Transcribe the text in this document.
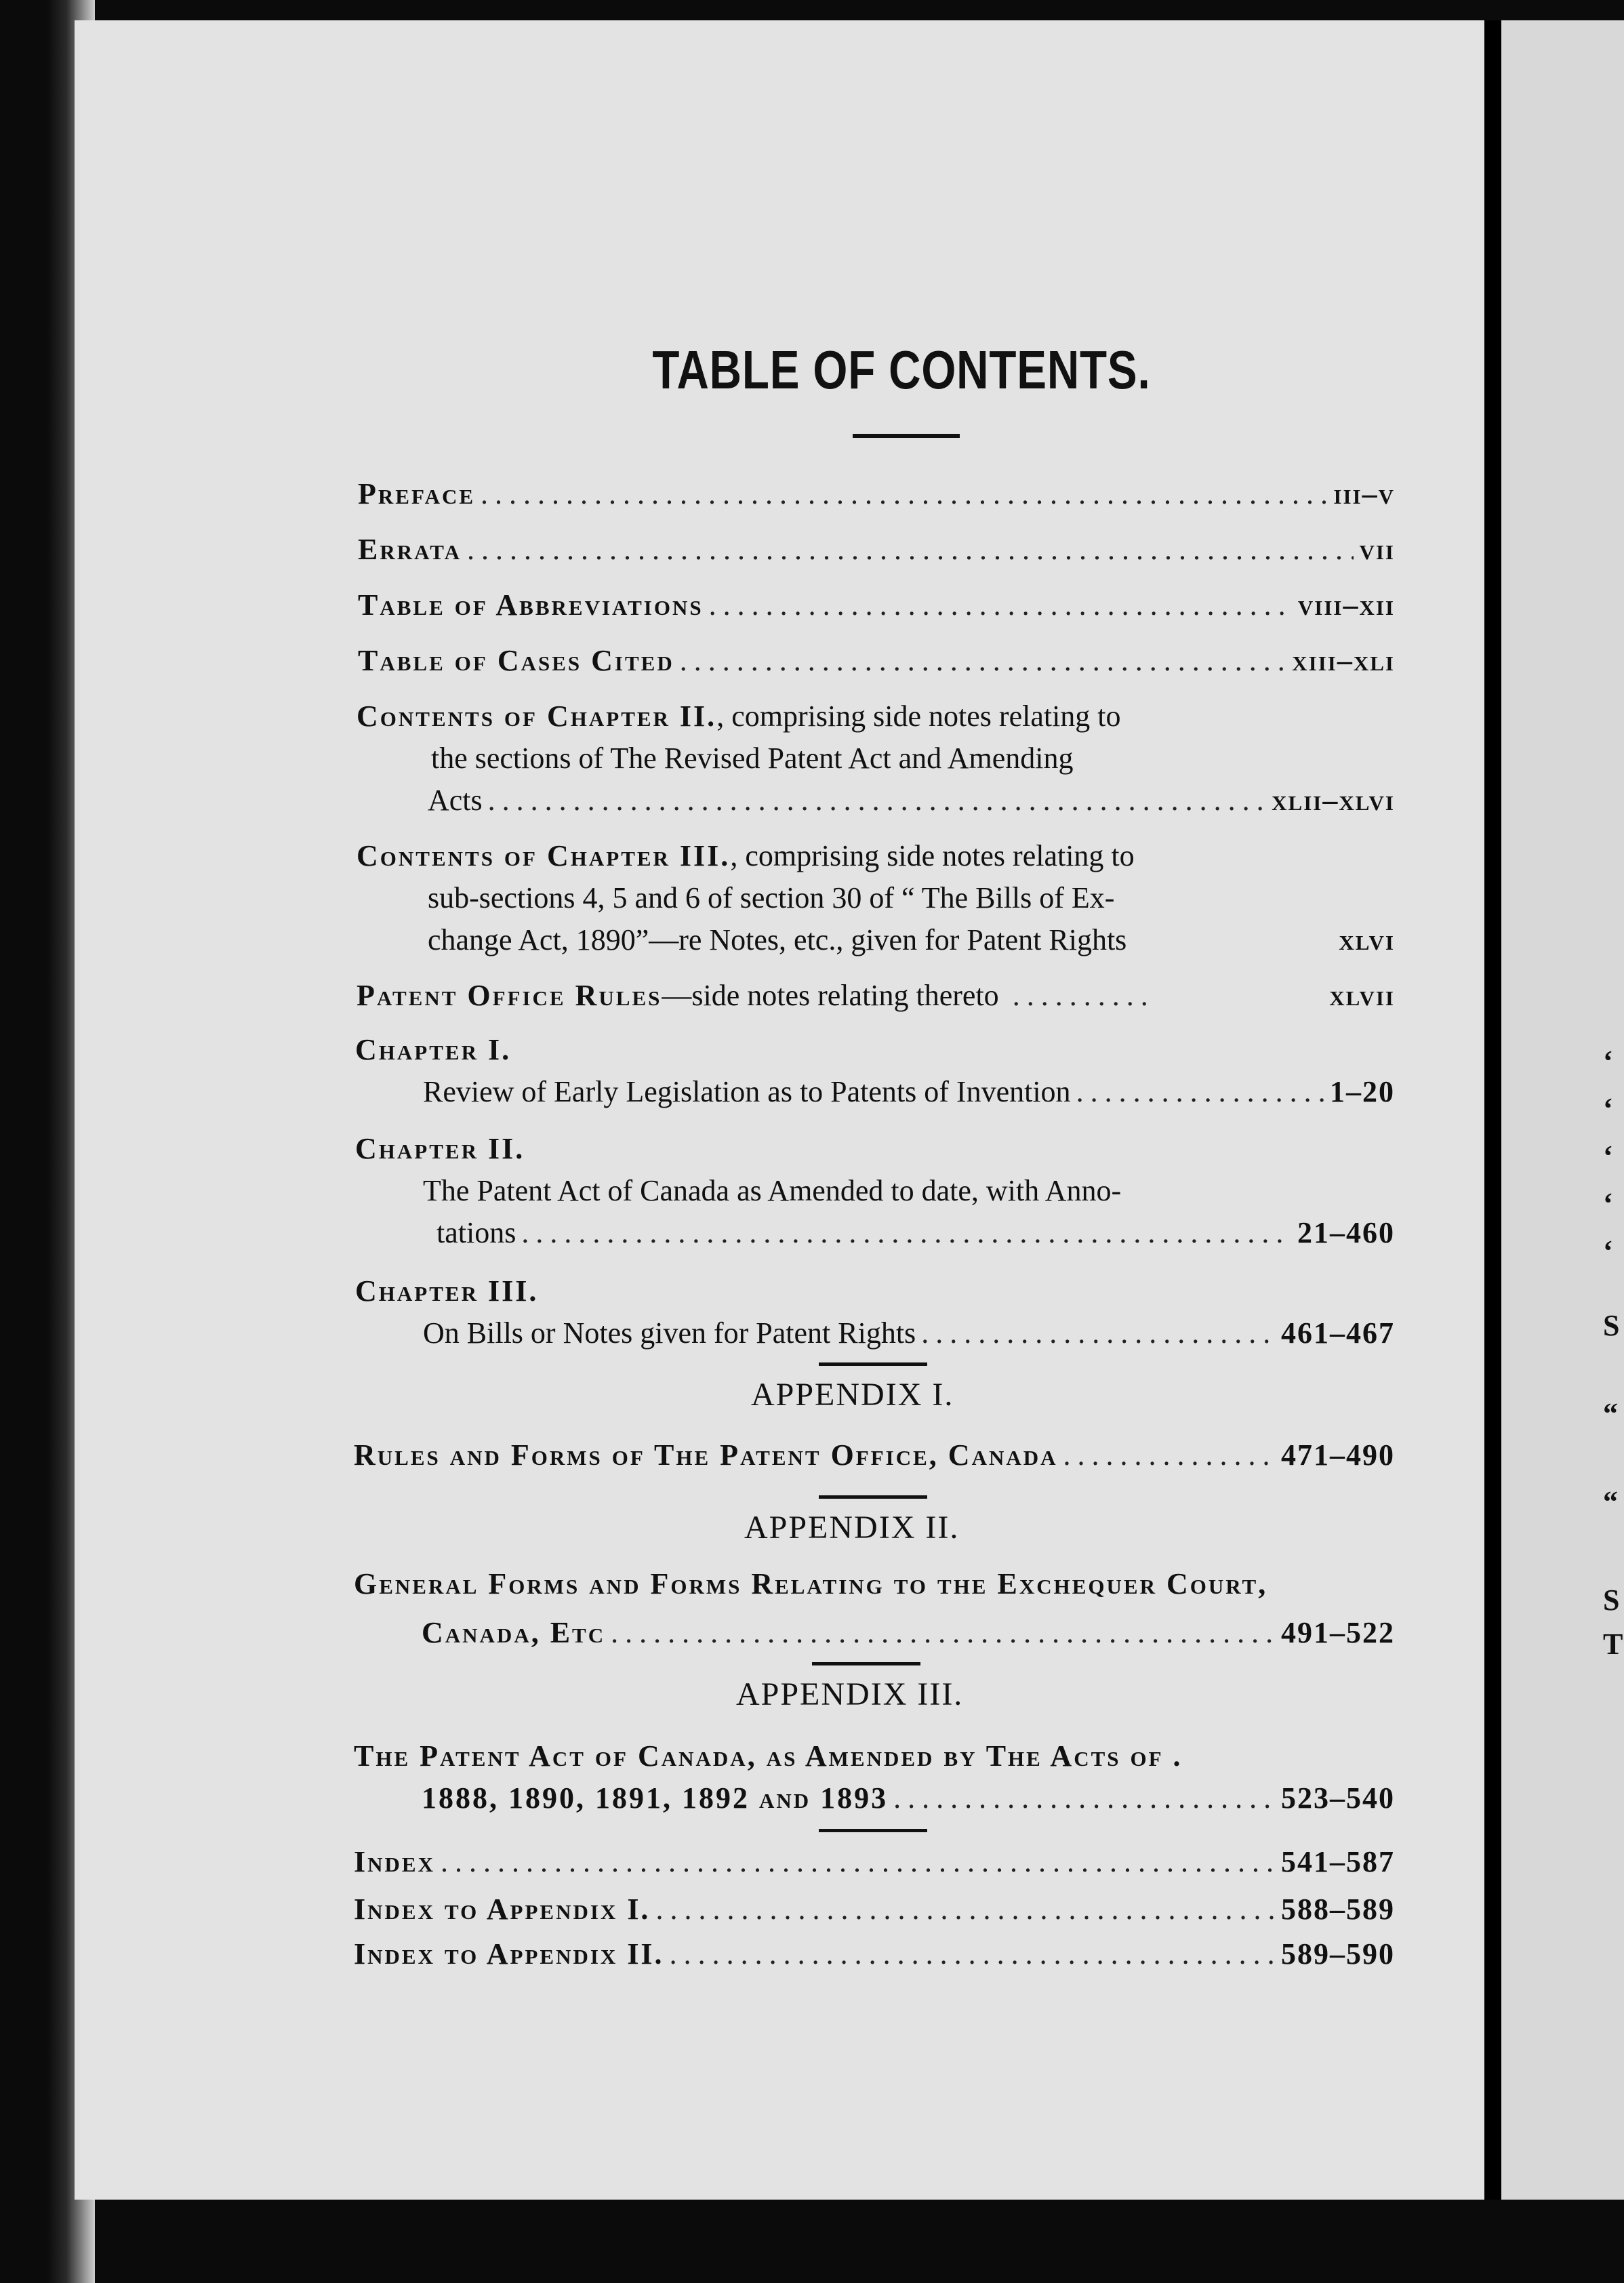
‘
‘
‘
‘
‘
S
“
“
S
T
TABLE OF CONTENTS.
Preface .....	iii–v
Errata .....	vii
Table of Abbreviations .....	viii–xii
Table of Cases Cited .....	xiii–xli
Contents of Chapter II., comprising side notes relating to
the sections of The Revised Patent Act and Amending
Acts .....	xlii–xlvi
Contents of Chapter III., comprising side notes relating to
sub-sections 4, 5 and 6 of section 30 of “ The Bills of Ex-
change Act, 1890”—re Notes, etc., given for Patent Rights	xlvi
Patent Office Rules —side notes relating thereto .....	xlvii
Chapter I.
Review of Early Legislation as to Patents of Invention .....	1–20
Chapter II.
The Patent Act of Canada as Amended to date, with Anno-
tations .....	21–460
Chapter III.
On Bills or Notes given for Patent Rights .....	461–467
APPENDIX I.
Rules and Forms of The Patent Office, Canada .....	471–490
APPENDIX II.
General Forms and Forms Relating to the Exchequer Court,
Canada, Etc .....	491–522
APPENDIX III.
The Patent Act of Canada, as Amended by The Acts of .
1888, 1890, 1891, 1892 and 1893 .....	523–540
Index .....	541–587
Index to Appendix I. .....	588–589
Index to Appendix II. .....	589–590
